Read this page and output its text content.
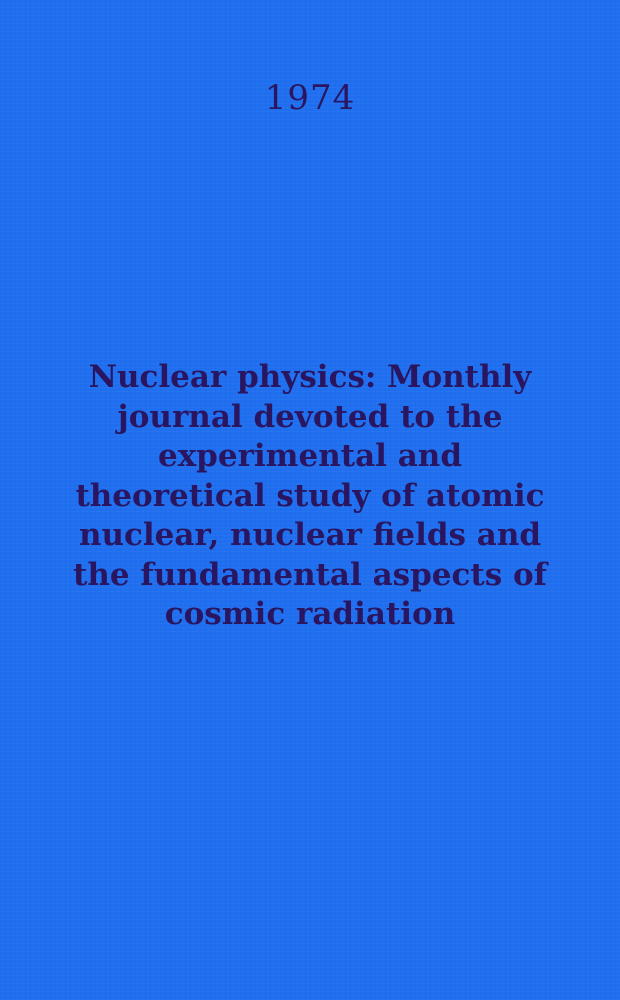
1974
Nuclear physics: Monthly
journal devoted to the
experimental and
theoretical study of atomic
nuclear, nuclear fields and
the fundamental aspects of
cosmic radiation
